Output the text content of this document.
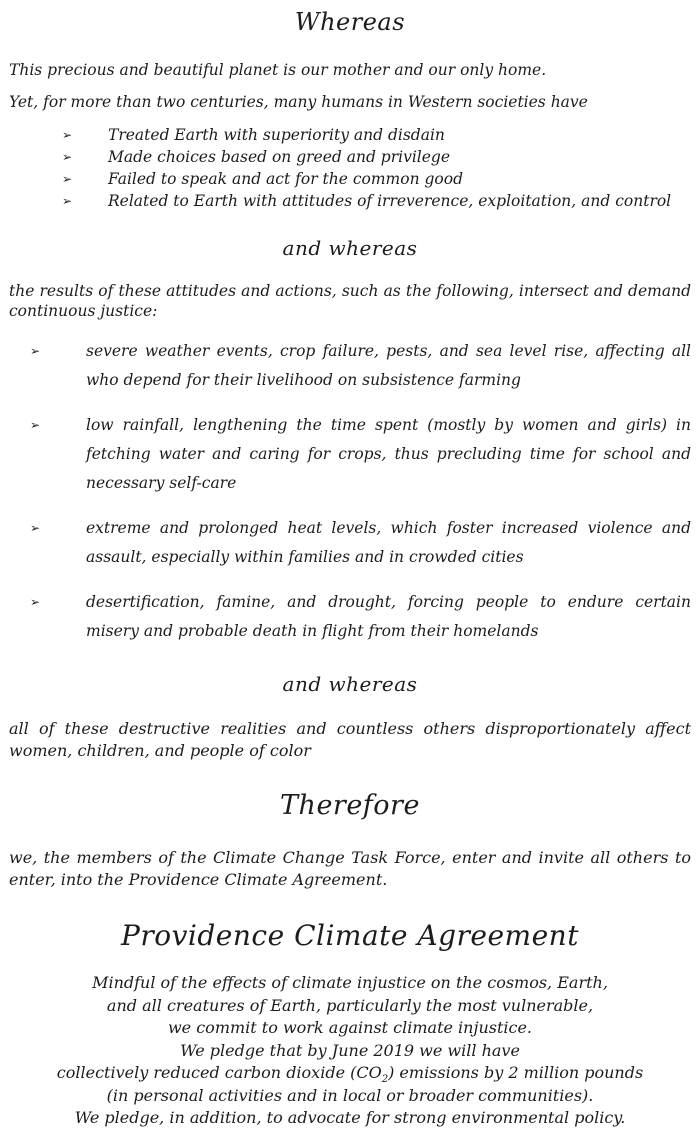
Whereas

This precious and beautiful planet is our mother and our only home.

Yet, for more than two centuries, many humans in Western societies have

➢	Treated Earth with superiority and disdain
➢	Made choices based on greed and privilege
➢	Failed to speak and act for the common good
➢	Related to Earth with attitudes of irreverence, exploitation, and control
and whereas

the results of these attitudes and actions, such as the following, intersect and demand continuous justice:

➢	severe weather events, crop failure, pests, and sea level rise, affecting all who depend for their livelihood on subsistence farming
➢	low rainfall, lengthening the time spent (mostly by women and girls) in fetching water and caring for crops, thus precluding time for school and necessary self-care
➢	extreme and prolonged heat levels, which foster increased violence and assault, especially within families and in crowded cities
➢	desertification, famine, and drought, forcing people to endure certain misery and probable death in flight from their homelands
and whereas

all of these destructive realities and countless others disproportionately affect women, children, and people of color

Therefore

we, the members of the Climate Change Task Force, enter and invite all others to enter, into the Providence Climate Agreement.

Providence Climate Agreement
Mindful of the effects of climate injustice on the cosmos, Earth,
and all creatures of Earth, particularly the most vulnerable,
we commit to work against climate injustice.
We pledge that by June 2019 we will have
collectively reduced carbon dioxide $(CO_2)$ emissions by 2 million pounds
(in personal activities and in local or broader communities).
We pledge, in addition, to advocate for strong environmental policy.
